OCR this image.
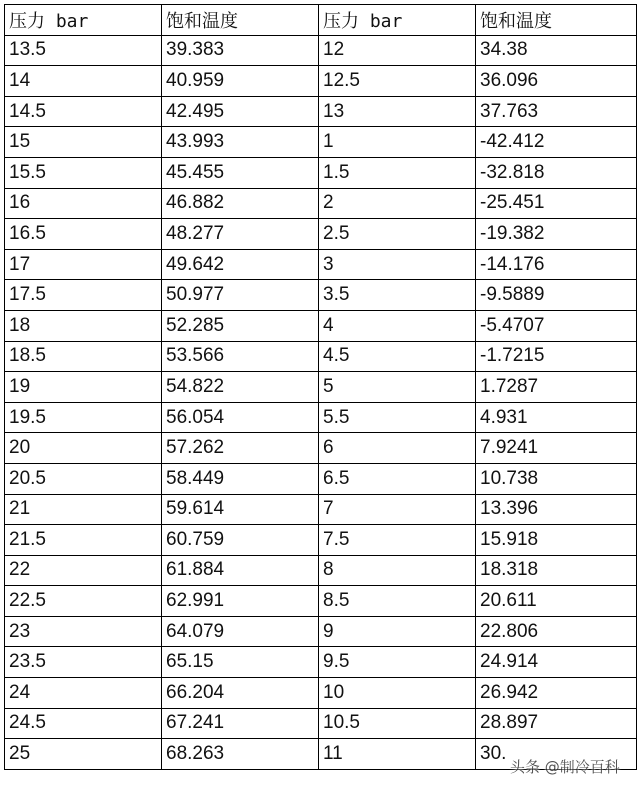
压力 bar	饱和温度	压力 bar	饱和温度
13.5	39.383	12	34.38
14	40.959	12.5	36.096
14.5	42.495	13	37.763
15	43.993	1	-42.412
15.5	45.455	1.5	-32.818
16	46.882	2	-25.451
16.5	48.277	2.5	-19.382
17	49.642	3	-14.176
17.5	50.977	3.5	-9.5889
18	52.285	4	-5.4707
18.5	53.566	4.5	-1.7215
19	54.822	5	1.7287
19.5	56.054	5.5	4.931
20	57.262	6	7.9241
20.5	58.449	6.5	10.738
21	59.614	7	13.396
21.5	60.759	7.5	15.918
22	61.884	8	18.318
22.5	62.991	8.5	20.611
23	64.079	9	22.806
23.5	65.15	9.5	24.914
24	66.204	10	26.942
24.5	67.241	10.5	28.897
25	68.263	11	30.
头条 @制冷百科
